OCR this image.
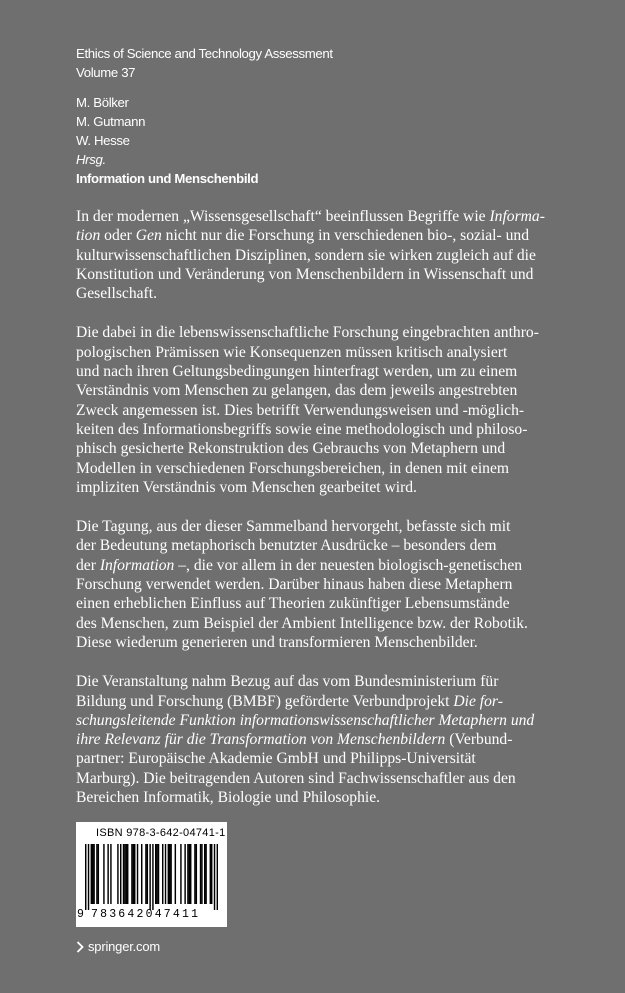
Ethics of Science and Technology Assessment
Volume 37
M. Bölker
M. Gutmann
W. Hesse
Hrsg.
Information und Menschenbild

In der modernen „Wissensgesellschaft“ beeinflussen Begriffe wie Informa-
tion oder Gen nicht nur die Forschung in verschiedenen bio-, sozial- und
kulturwissenschaftlichen Disziplinen, sondern sie wirken zugleich auf die
Konstitution und Veränderung von Menschenbildern in Wissenschaft und
Gesellschaft.

Die dabei in die lebenswissenschaftliche Forschung eingebrachten anthro-
pologischen Prämissen wie Konsequenzen müssen kritisch analysiert
und nach ihren Geltungsbedingungen hinterfragt werden, um zu einem
Verständnis vom Menschen zu gelangen, das dem jeweils angestrebten
Zweck angemessen ist. Dies betrifft Verwendungsweisen und -möglich-
keiten des Informationsbegriffs sowie eine methodologisch und philoso-
phisch gesicherte Rekonstruktion des Gebrauchs von Metaphern und
Modellen in verschiedenen Forschungsbereichen, in denen mit einem
impliziten Verständnis vom Menschen gearbeitet wird.

Die Tagung, aus der dieser Sammelband hervorgeht, befasste sich mit
der Bedeutung metaphorisch benutzter Ausdrücke – besonders dem
der Information –, die vor allem in der neuesten biologisch-genetischen
Forschung verwendet werden. Darüber hinaus haben diese Metaphern
einen erheblichen Einfluss auf Theorien zukünftiger Lebensumstände
des Menschen, zum Beispiel der Ambient Intelligence bzw. der Robotik.
Diese wiederum generieren und transformieren Menschenbilder.

Die Veranstaltung nahm Bezug auf das vom Bundesministerium für
Bildung und Forschung (BMBF) geförderte Verbundprojekt Die for-
schungsleitende Funktion informationswissenschaftlicher Metaphern und
ihre Relevanz für die Transformation von Menschenbildern (Verbund-
partner: Europäische Akademie GmbH und Philipps-Universität
Marburg). Die beitragenden Autoren sind Fachwissenschaftler aus den
Bereichen Informatik, Biologie und Philosophie.

ISBN 978-3-642-04741-1
9 783642047411
springer.com
